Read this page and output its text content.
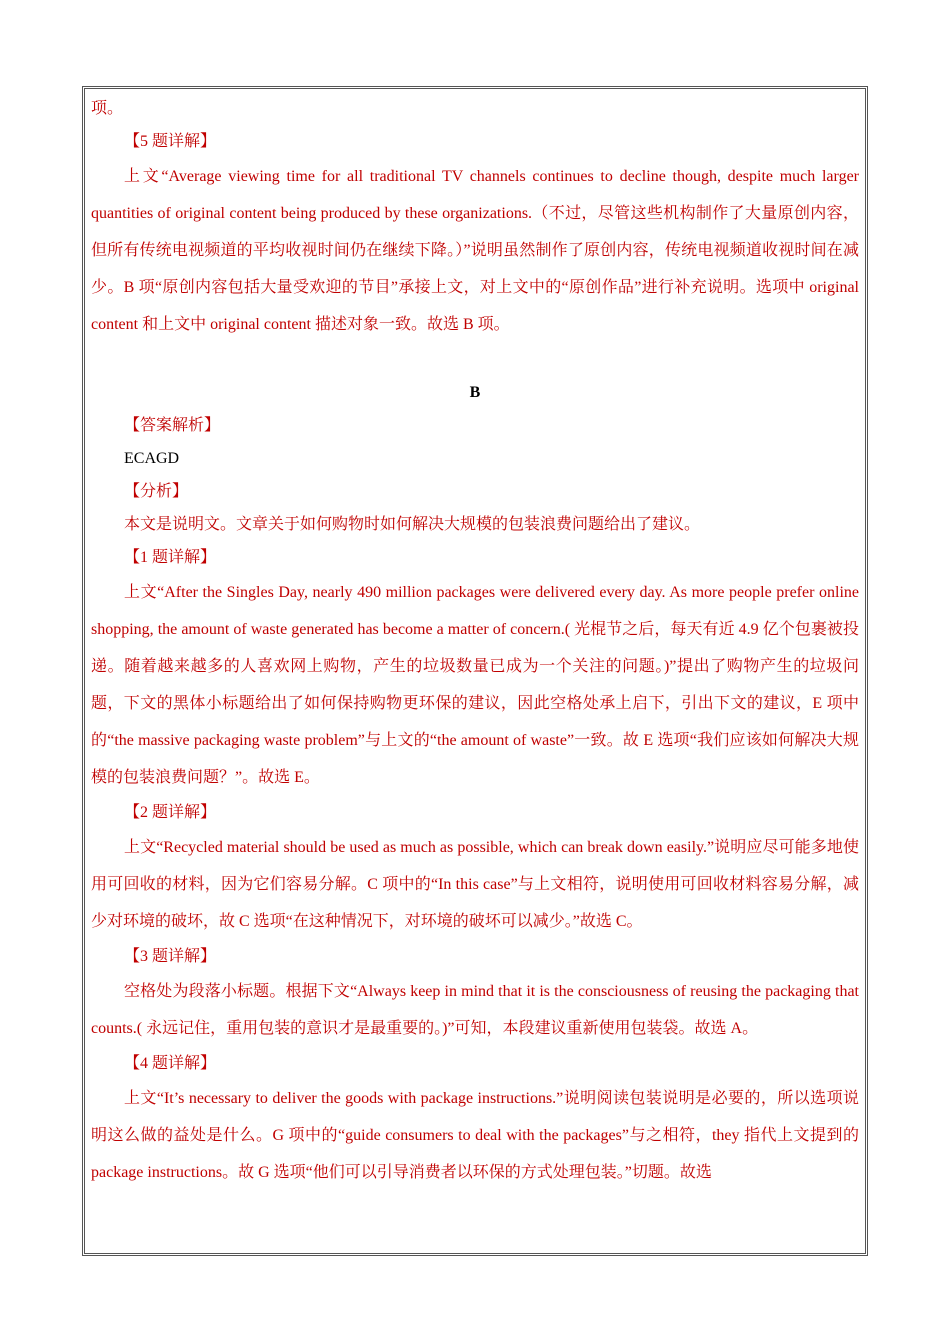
项。

【5 题详解】

上文“Average viewing time for all traditional TV channels continues to decline though, despite much larger quantities of original content being produced by these organizations.（不过，尽管这些机构制作了大量原创内容，但所有传统电视频道的平均收视时间仍在继续下降。）”说明虽然制作了原创内容，传统电视频道收视时间在减少。B 项“原创内容包括大量受欢迎的节目”承接上文，对上文中的“原创作品”进行补充说明。选项中 original content 和上文中 original content 描述对象一致。故选 B 项。

B

【答案解析】

ECAGD

【分析】

本文是说明文。文章关于如何购物时如何解决大规模的包装浪费问题给出了建议。

【1 题详解】

上文“After the Singles Day, nearly 490 million packages were delivered every day. As more people prefer online shopping, the amount of waste generated has become a matter of concern.( 光棍节之后，每天有近 4.9 亿个包裹被投递。随着越来越多的人喜欢网上购物，产生的垃圾数量已成为一个关注的问题。)”提出了购物产生的垃圾问题，下文的黑体小标题给出了如何保持购物更环保的建议，因此空格处承上启下，引出下文的建议，E 项中的“the massive packaging waste problem”与上文的“the amount of waste”一致。故 E 选项“我们应该如何解决大规模的包装浪费问题？”。故选 E。

【2 题详解】

上文“Recycled material should be used as much as possible, which can break down easily.”说明应尽可能多地使用可回收的材料，因为它们容易分解。C 项中的“In this case”与上文相符，说明使用可回收材料容易分解，减少对环境的破坏，故 C 选项“在这种情况下，对环境的破坏可以减少。”故选 C。

【3 题详解】

空格处为段落小标题。根据下文“Always keep in mind that it is the consciousness of reusing the packaging that counts.( 永远记住，重用包装的意识才是最重要的。)”可知，本段建议重新使用包装袋。故选 A。

【4 题详解】

上文“It’s necessary to deliver the goods with package instructions.”说明阅读包装说明是必要的，所以选项说明这么做的益处是什么。G 项中的“guide consumers to deal with the packages”与之相符，they 指代上文提到的 package instructions。故 G 选项“他们可以引导消费者以环保的方式处理包装。”切题。故选
